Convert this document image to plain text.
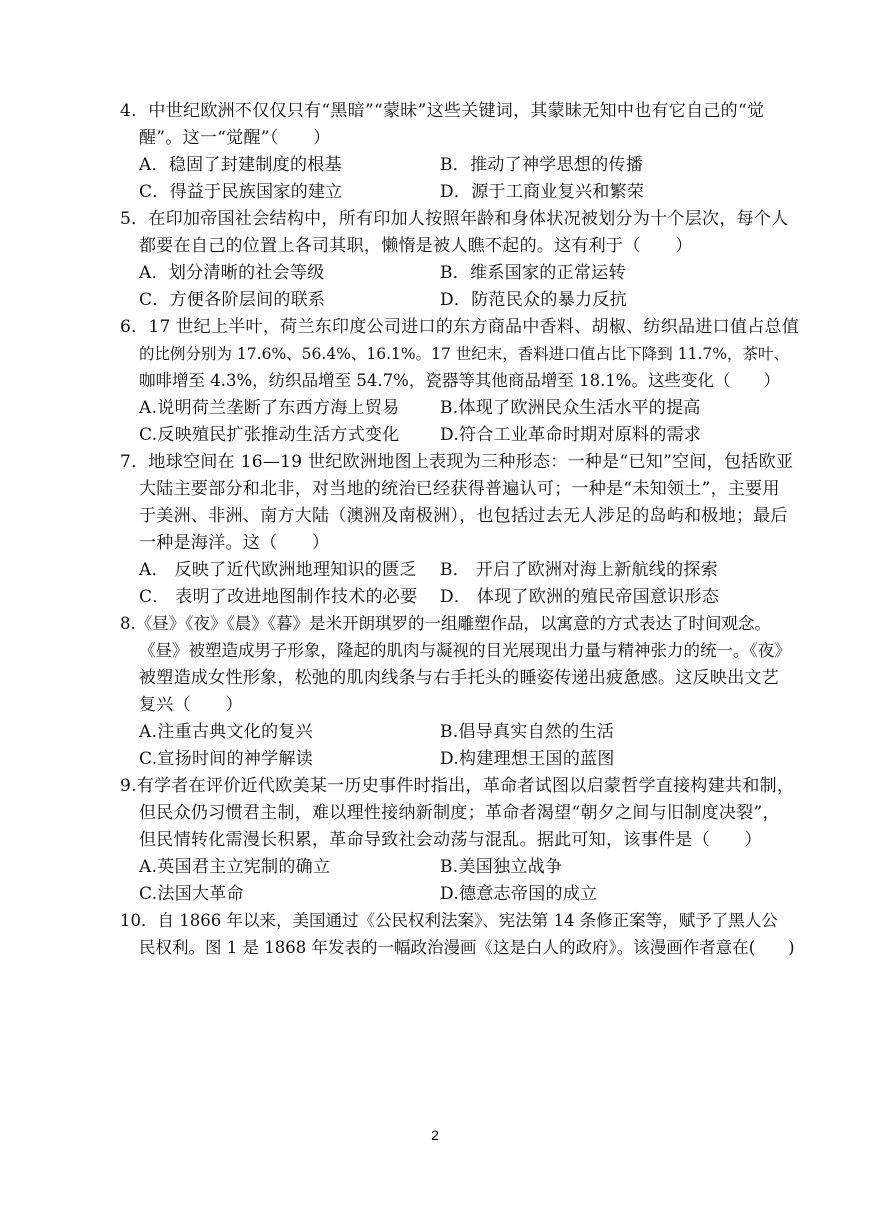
4．中世纪欧洲不仅仅只有“黑暗”“蒙昧”这些关键词，其蒙昧无知中也有它自己的“觉
醒”。这一“觉醒”（　　）
A．稳固了封建制度的根基	B．推动了神学思想的传播
C．得益于民族国家的建立	D．源于工商业复兴和繁荣
5．在印加帝国社会结构中，所有印加人按照年龄和身体状况被划分为十个层次，每个人
都要在自己的位置上各司其职，懒惰是被人瞧不起的。这有利于（　　）
A．划分清晰的社会等级	B．维系国家的正常运转
C．方便各阶层间的联系	D．防范民众的暴力反抗
6．17 世纪上半叶，荷兰东印度公司进口的东方商品中香料、胡椒、纺织品进口值占总值
的比例分别为 17.6%、56.4%、16.1%。17 世纪末，香料进口值占比下降到 11.7%，茶叶、
咖啡增至 4.3%，纺织品增至 54.7%，瓷器等其他商品增至 18.1%。这些变化（　　）
A.说明荷兰垄断了东西方海上贸易 B.体现了欧洲民众生活水平的提高
C.反映殖民扩张推动生活方式变化 D.符合工业革命时期对原料的需求
7．地球空间在 16—19 世纪欧洲地图上表现为三种形态：一种是“已知”空间，包括欧亚
大陆主要部分和北非，对当地的统治已经获得普遍认可；一种是“未知领土”，主要用
于美洲、非洲、南方大陆（澳洲及南极洲），也包括过去无人涉足的岛屿和极地；最后
一种是海洋。这（　　）
A． 反映了近代欧洲地理知识的匮乏 B． 开启了欧洲对海上新航线的探索
C． 表明了改进地图制作技术的必要 D． 体现了欧洲的殖民帝国意识形态
8.《昼》《夜》《晨》《暮》是米开朗琪罗的一组雕塑作品，以寓意的方式表达了时间观念。
《昼》被塑造成男子形象，隆起的肌肉与凝视的目光展现出力量与精神张力的统一。《夜》
被塑造成女性形象，松弛的肌肉线条与右手托头的睡姿传递出疲惫感。这反映出文艺
复兴（　　）
A.注重古典文化的复兴	B.倡导真实自然的生活
C.宣扬时间的神学解读	D.构建理想王国的蓝图
9.有学者在评价近代欧美某一历史事件时指出，革命者试图以启蒙哲学直接构建共和制，
但民众仍习惯君主制，难以理性接纳新制度；革命者渴望“朝夕之间与旧制度决裂”，
但民情转化需漫长积累，革命导致社会动荡与混乱。据此可知，该事件是（　　）
A.英国君主立宪制的确立	B.美国独立战争
C.法国大革命	D.德意志帝国的成立
10．自 1866 年以来，美国通过《公民权利法案》、宪法第 14 条修正案等，赋予了黑人公
民权利。图 1 是 1868 年发表的一幅政治漫画《这是白人的政府》。该漫画作者意在(　　)
2
